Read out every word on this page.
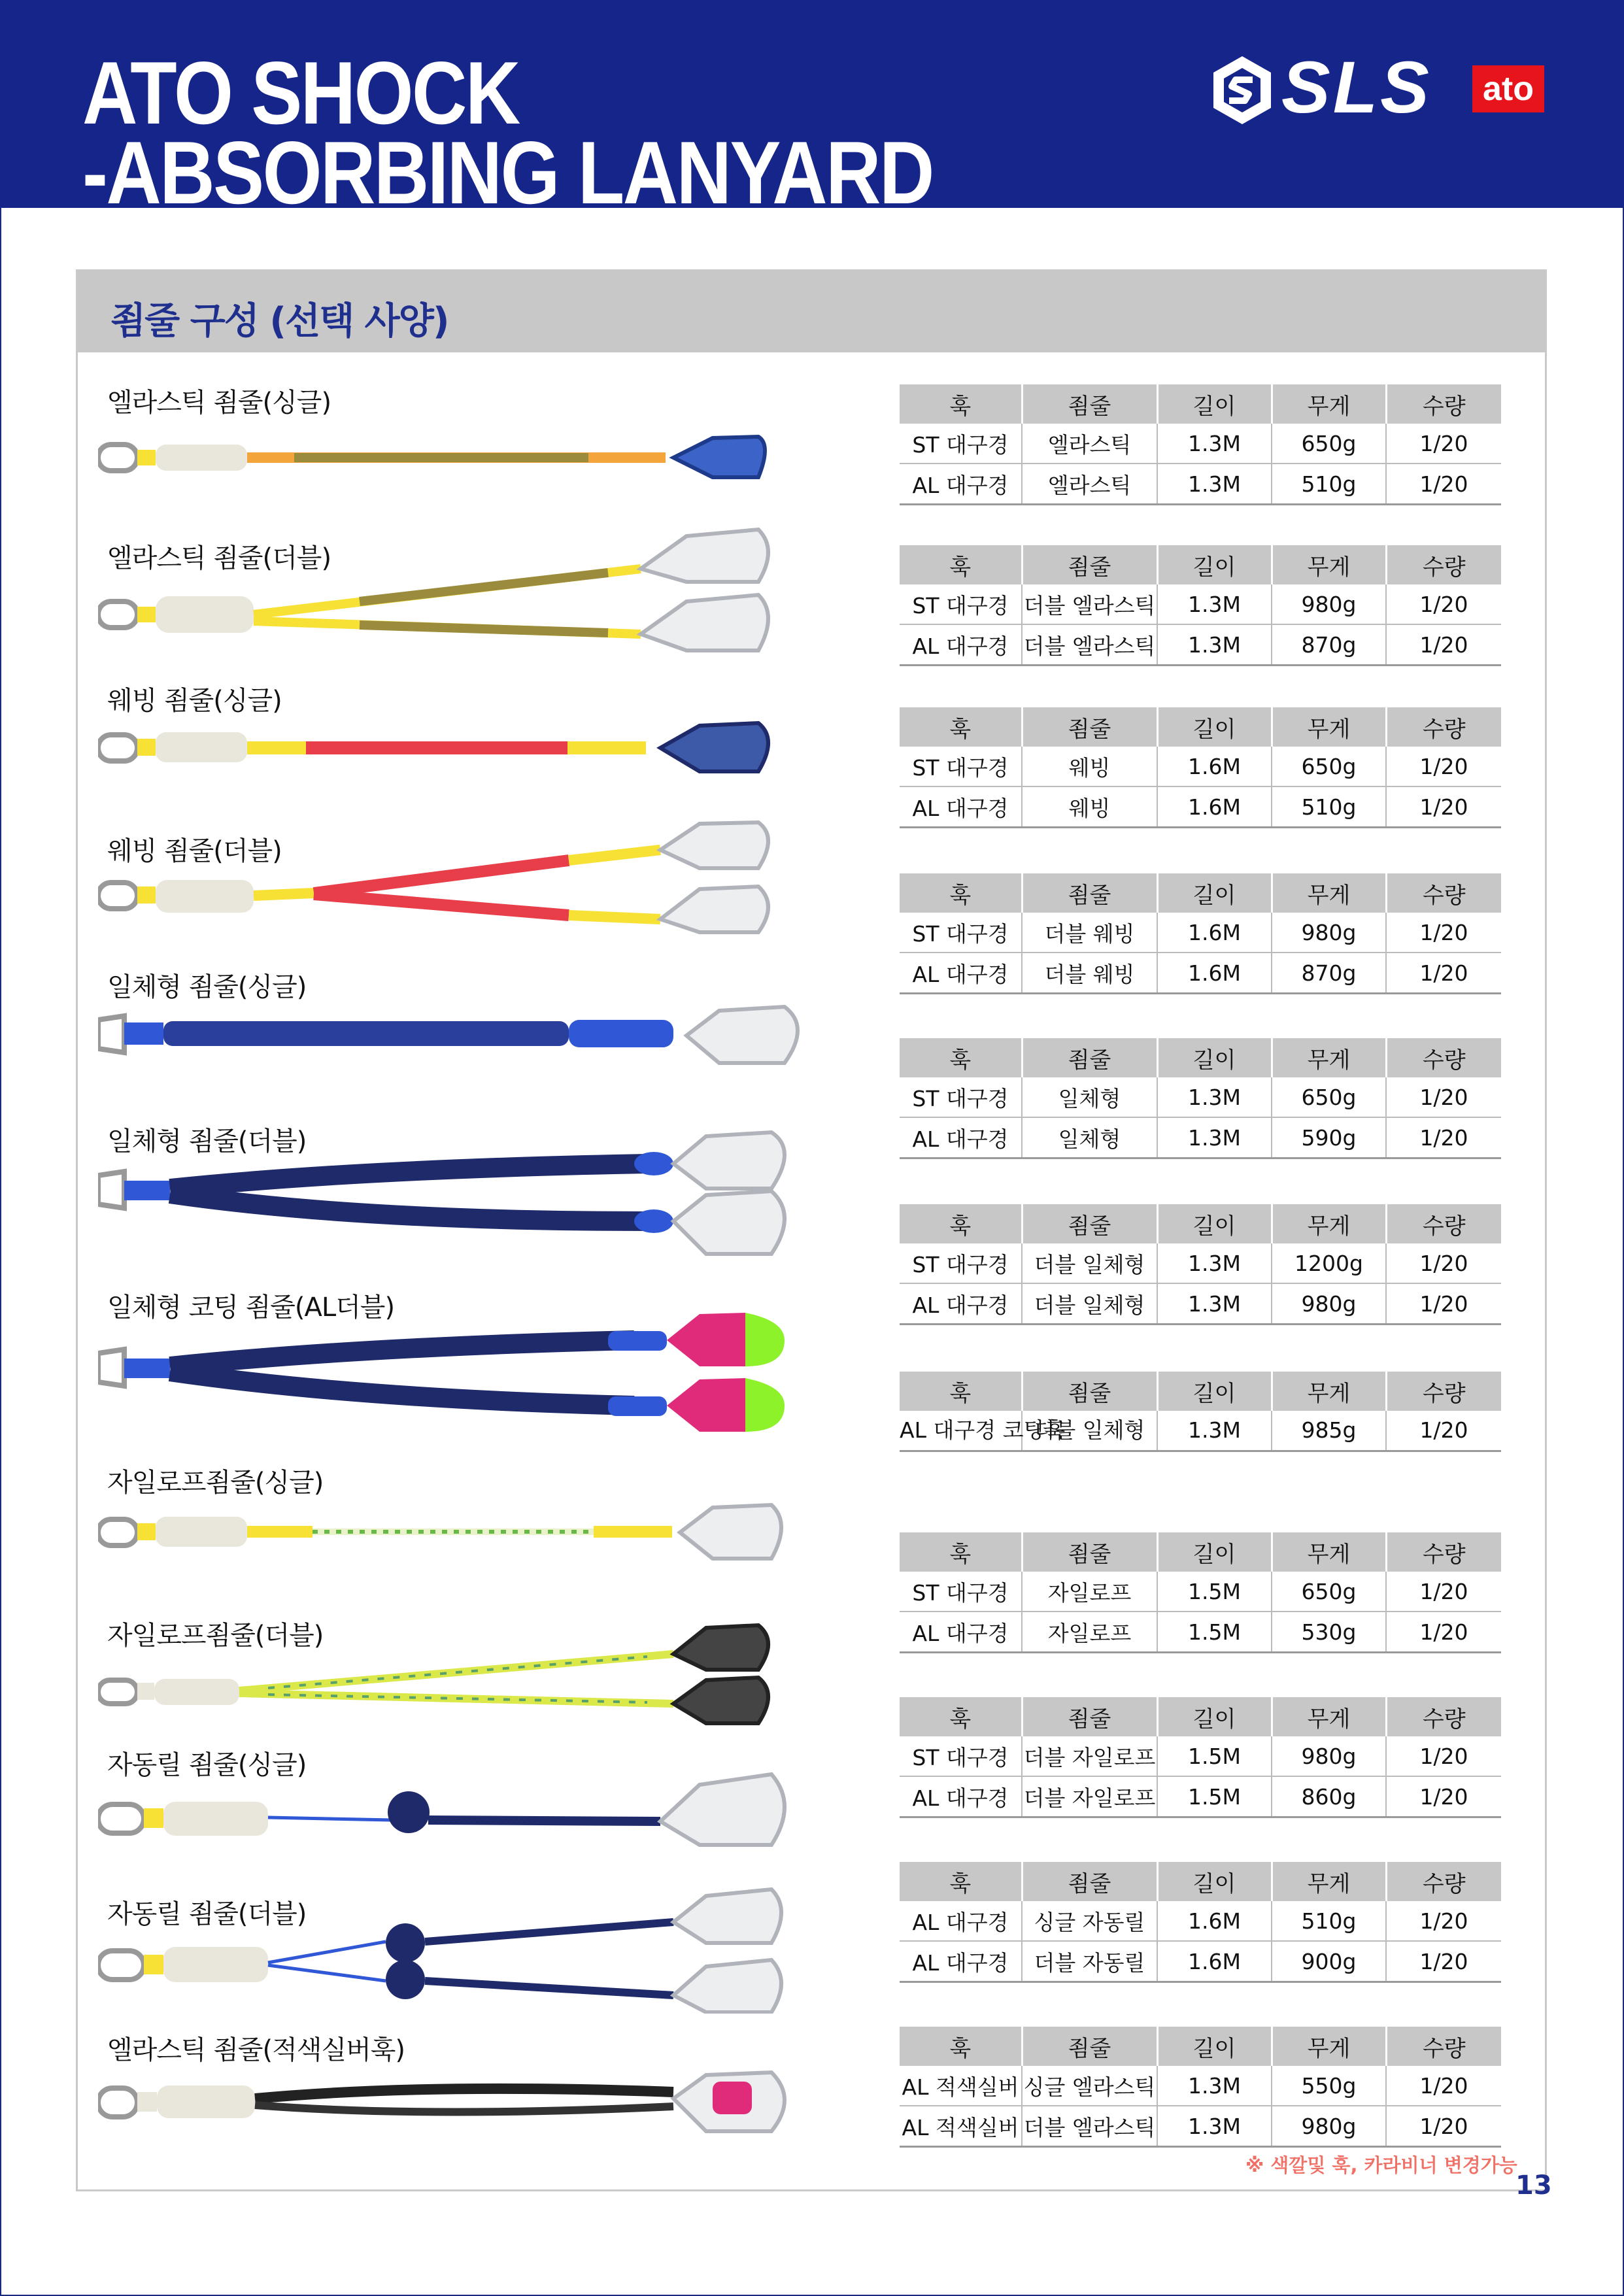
ATO SHOCK
-ABSORBING LANYARD
SLS	ato
죔줄 구성 (선택 사양)
엘라스틱 죔줄(싱글)
엘라스틱 죔줄(더블)
웨빙 죔줄(싱글)
웨빙 죔줄(더블)
일체형 죔줄(싱글)
일체형 죔줄(더블)
일체형 코팅 죔줄(AL더블)
자일로프죔줄(싱글)
자일로프죔줄(더블)
자동릴 죔줄(싱글)
자동릴 죔줄(더블)
엘라스틱 죔줄(적색실버훅)
훅	죔줄	길이	무게	수량
ST 대구경	엘라스틱	1.3M	650g	1/20
AL 대구경	엘라스틱	1.3M	510g	1/20
훅	죔줄	길이	무게	수량
ST 대구경	더블 엘라스틱	1.3M	980g	1/20
AL 대구경	더블 엘라스틱	1.3M	870g	1/20
훅	죔줄	길이	무게	수량
ST 대구경	웨빙	1.6M	650g	1/20
AL 대구경	웨빙	1.6M	510g	1/20
훅	죔줄	길이	무게	수량
ST 대구경	더블 웨빙	1.6M	980g	1/20
AL 대구경	더블 웨빙	1.6M	870g	1/20
훅	죔줄	길이	무게	수량
ST 대구경	일체형	1.3M	650g	1/20
AL 대구경	일체형	1.3M	590g	1/20
훅	죔줄	길이	무게	수량
ST 대구경	더블 일체형	1.3M	1200g	1/20
AL 대구경	더블 일체형	1.3M	980g	1/20
훅	죔줄	길이	무게	수량
AL 대구경 코팅훅	더블 일체형	1.3M	985g	1/20
훅	죔줄	길이	무게	수량
ST 대구경	자일로프	1.5M	650g	1/20
AL 대구경	자일로프	1.5M	530g	1/20
훅	죔줄	길이	무게	수량
ST 대구경	더블 자일로프	1.5M	980g	1/20
AL 대구경	더블 자일로프	1.5M	860g	1/20
훅	죔줄	길이	무게	수량
AL 대구경	싱글 자동릴	1.6M	510g	1/20
AL 대구경	더블 자동릴	1.6M	900g	1/20
훅	죔줄	길이	무게	수량
AL 적색실버	싱글 엘라스틱	1.3M	550g	1/20
AL 적색실버	더블 엘라스틱	1.3M	980g	1/20
※ 색깔및 훅, 카라비너 변경가능
13
